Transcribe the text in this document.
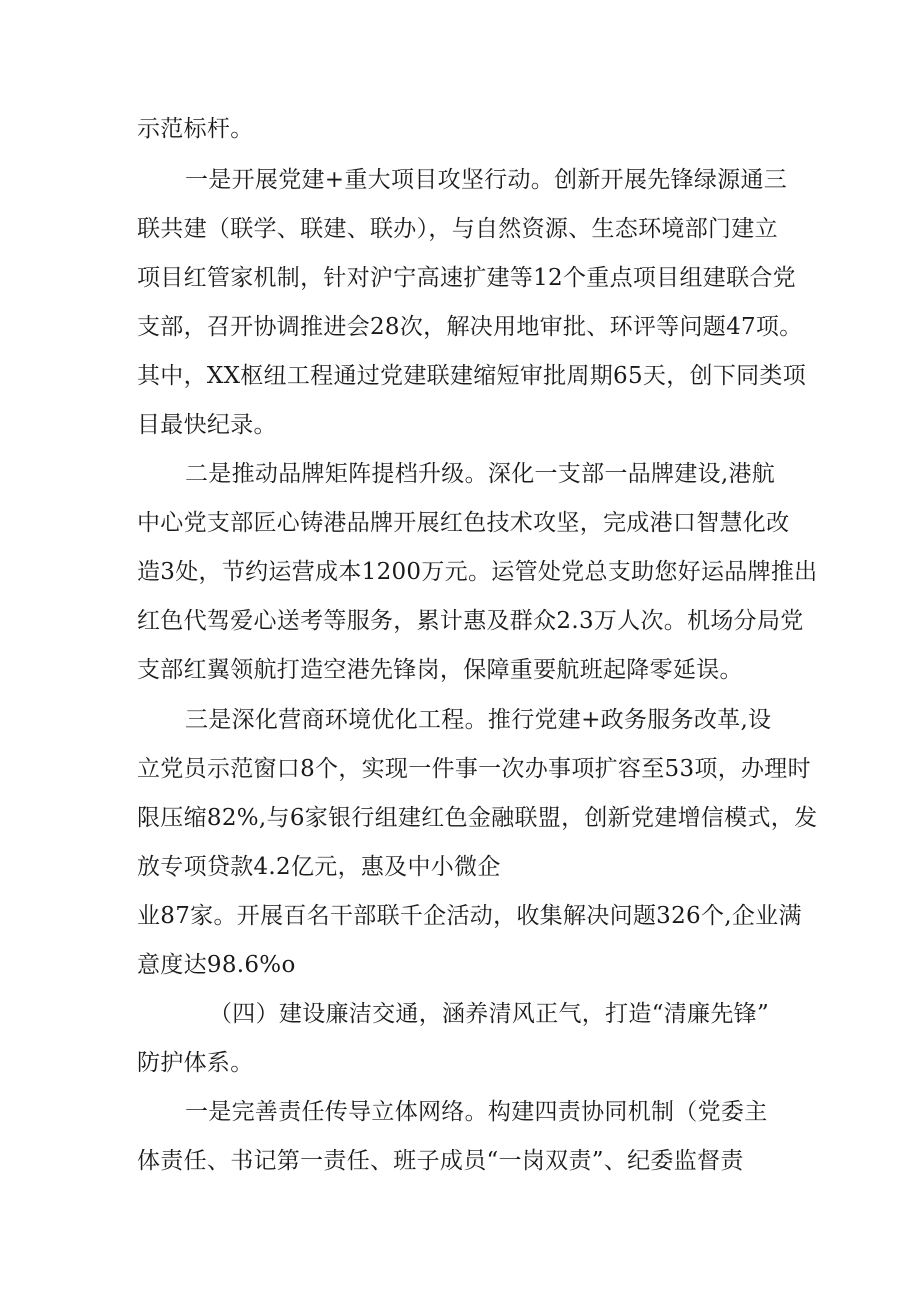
示范标杆。
一是开展党建+重大项目攻坚行动。创新开展先锋绿源通三
联共建（联学、联建、联办），与自然资源、生态环境部门建立
项目红管家机制，针对沪宁高速扩建等12个重点项目组建联合党
支部，召开协调推进会28次，解决用地审批、环评等问题47项。
其中，XX枢纽工程通过党建联建缩短审批周期65天，创下同类项
目最快纪录。
二是推动品牌矩阵提档升级。深化一支部一品牌建设,港航
中心党支部匠心铸港品牌开展红色技术攻坚，完成港口智慧化改
造3处，节约运营成本1200万元。运管处党总支助您好运品牌推出
红色代驾爱心送考等服务，累计惠及群众2.3万人次。机场分局党
支部红翼领航打造空港先锋岗，保障重要航班起降零延误。
三是深化营商环境优化工程。推行党建+政务服务改革,设
立党员示范窗口8个，实现一件事一次办事项扩容至53项，办理时
限压缩82%,与6家银行组建红色金融联盟，创新党建增信模式，发
放专项贷款4.2亿元，惠及中小微企
业87家。开展百名干部联千企活动，收集解决问题326个,企业满
意度达98.6%o
（四）建设廉洁交通，涵养清风正气，打造“清廉先锋”
防护体系。
一是完善责任传导立体网络。构建四责协同机制（党委主
体责任、书记第一责任、班子成员“一岗双责”、纪委监督责
